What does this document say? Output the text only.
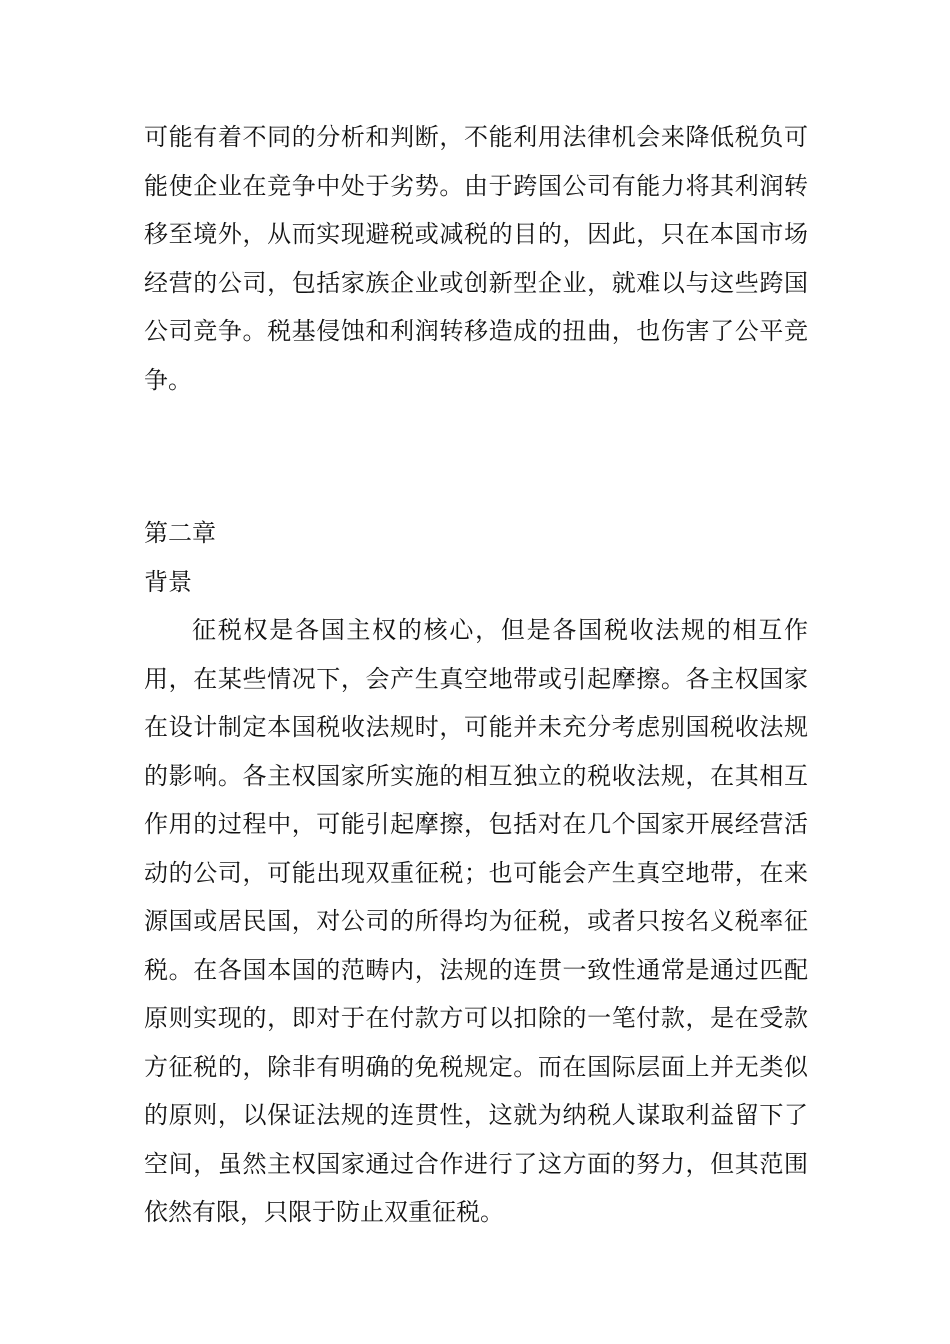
可能有着不同的分析和判断，不能利用法律机会来降低税负可能使企业在竞争中处于劣势。由于跨国公司有能力将其利润转移至境外，从而实现避税或减税的目的，因此，只在本国市场经营的公司，包括家族企业或创新型企业，就难以与这些跨国公司竞争。税基侵蚀和利润转移造成的扭曲，也伤害了公平竞争。

第二章
背景

征税权是各国主权的核心，但是各国税收法规的相互作用，在某些情况下，会产生真空地带或引起摩擦。各主权国家在设计制定本国税收法规时，可能并未充分考虑别国税收法规的影响。各主权国家所实施的相互独立的税收法规，在其相互作用的过程中，可能引起摩擦，包括对在几个国家开展经营活动的公司，可能出现双重征税；也可能会产生真空地带，在来源国或居民国，对公司的所得均为征税，或者只按名义税率征税。在各国本国的范畴内，法规的连贯一致性通常是通过匹配原则实现的，即对于在付款方可以扣除的一笔付款，是在受款方征税的，除非有明确的免税规定。而在国际层面上并无类似的原则，以保证法规的连贯性，这就为纳税人谋取利益留下了空间，虽然主权国家通过合作进行了这方面的努力，但其范围依然有限，只限于防止双重征税。
